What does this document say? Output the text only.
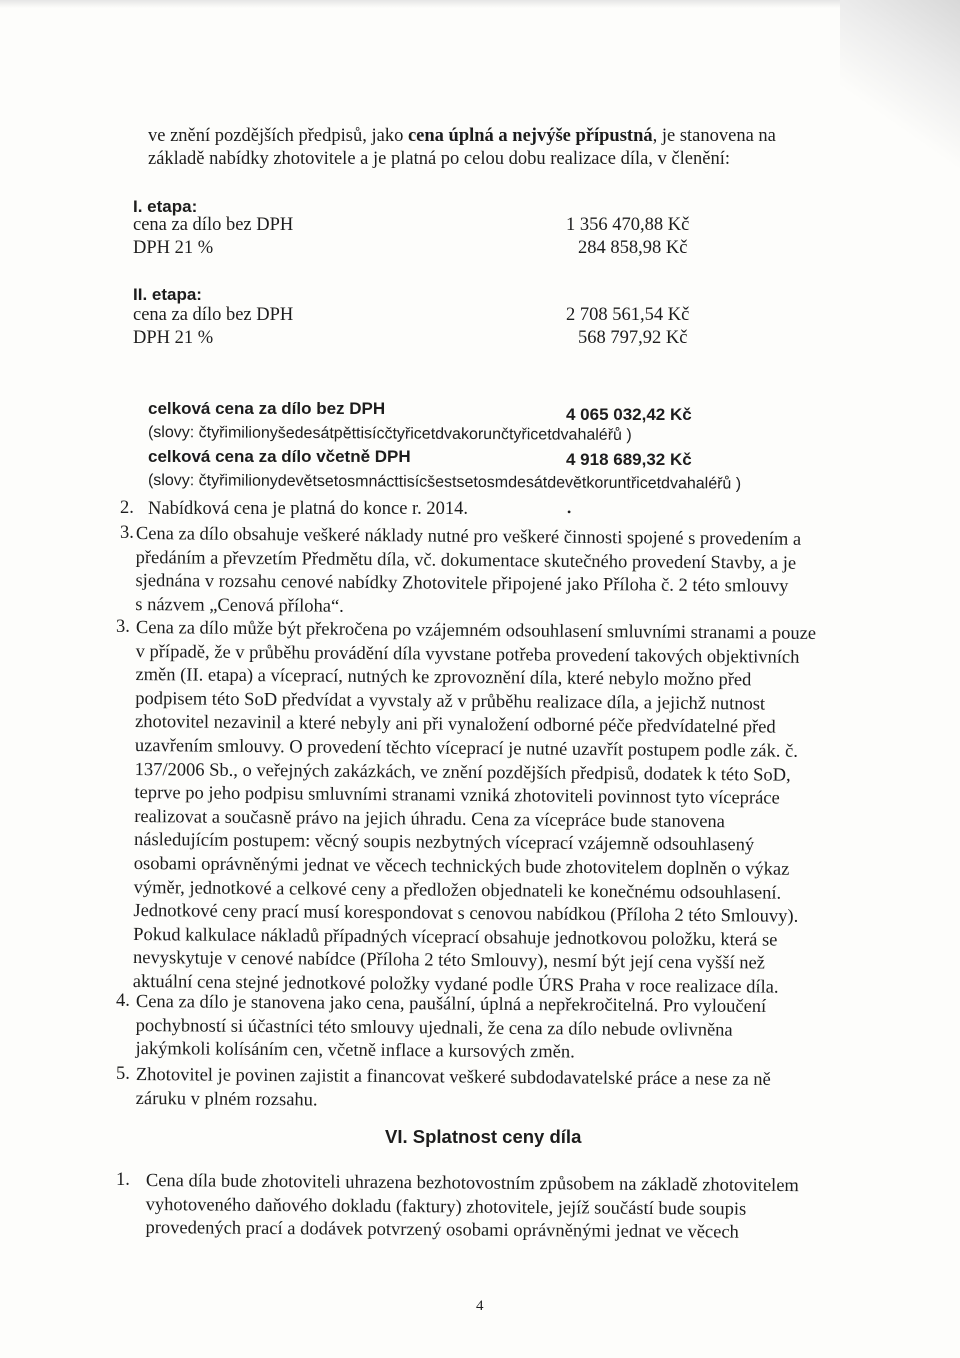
ve znění pozdějších předpisů, jako cena úplná a nejvýše přípustná, je stanovena na
základě nabídky zhotovitele a je platná po celou dobu realizace díla, v členění:
I. etapa:
cena za dílo bez DPH	1 356 470,88 Kč
DPH 21 %	284 858,98 Kč
II. etapa:
cena za dílo bez DPH	2 708 561,54 Kč
DPH 21 %	568 797,92 Kč
celková cena za dílo bez DPH	4 065 032,42 Kč
(slovy: čtyřimilionyšedesátpěttisícčtyřicetdvakorunčtyřicetdvahaléřů )
celková cena za dílo včetně DPH	4 918 689,32 Kč
(slovy: čtyřimilionydevětsetosmnácttisícšestsetosmdesátdevětkoruntřicetdvahaléřů )
2. Nabídková cena je platná do konce r. 2014.	•
3. Cena za dílo obsahuje veškeré náklady nutné pro veškeré činnosti spojené s provedením a
předáním a převzetím Předmětu díla, vč. dokumentace skutečného provedení Stavby, a je
sjednána v rozsahu cenové nabídky Zhotovitele připojené jako Příloha č. 2 této smlouvy
s názvem „Cenová příloha“.
3. Cena za dílo může být překročena po vzájemném odsouhlasení smluvními stranami a pouze
v případě, že v průběhu provádění díla vyvstane potřeba provedení takových objektivních
změn (II. etapa) a víceprací, nutných ke zprovoznění díla, které nebylo možno před
podpisem této SoD předvídat a vyvstaly až v průběhu realizace díla, a jejichž nutnost
zhotovitel nezavinil a které nebyly ani při vynaložení odborné péče předvídatelné před
uzavřením smlouvy. O provedení těchto víceprací je nutné uzavřít postupem podle zák. č.
137/2006 Sb., o veřejných zakázkách, ve znění pozdějších předpisů, dodatek k této SoD,
teprve po jeho podpisu smluvními stranami vzniká zhotoviteli povinnost tyto vícepráce
realizovat a současně právo na jejich úhradu. Cena za vícepráce bude stanovena
následujícím postupem: věcný soupis nezbytných víceprací vzájemně odsouhlasený
osobami oprávněnými jednat ve věcech technických bude zhotovitelem doplněn o výkaz
výměr, jednotkové a celkové ceny a předložen objednateli ke konečnému odsouhlasení.
Jednotkové ceny prací musí korespondovat s cenovou nabídkou (Příloha 2 této Smlouvy).
Pokud kalkulace nákladů případných víceprací obsahuje jednotkovou položku, která se
nevyskytuje v cenové nabídce (Příloha 2 této Smlouvy), nesmí být její cena vyšší než
aktuální cena stejné jednotkové položky vydané podle ÚRS Praha v roce realizace díla.
4. Cena za dílo je stanovena jako cena, paušální, úplná a nepřekročitelná. Pro vyloučení
pochybností si účastníci této smlouvy ujednali, že cena za dílo nebude ovlivněna
jakýmkoli kolísáním cen, včetně inflace a kursových změn.
5. Zhotovitel je povinen zajistit a financovat veškeré subdodavatelské práce a nese za ně
záruku v plném rozsahu.
VI. Splatnost ceny díla
1. Cena díla bude zhotoviteli uhrazena bezhotovostním způsobem na základě zhotovitelem
vyhotoveného daňového dokladu (faktury) zhotovitele, jejíž součástí bude soupis
provedených prací a dodávek potvrzený osobami oprávněnými jednat ve věcech
4
